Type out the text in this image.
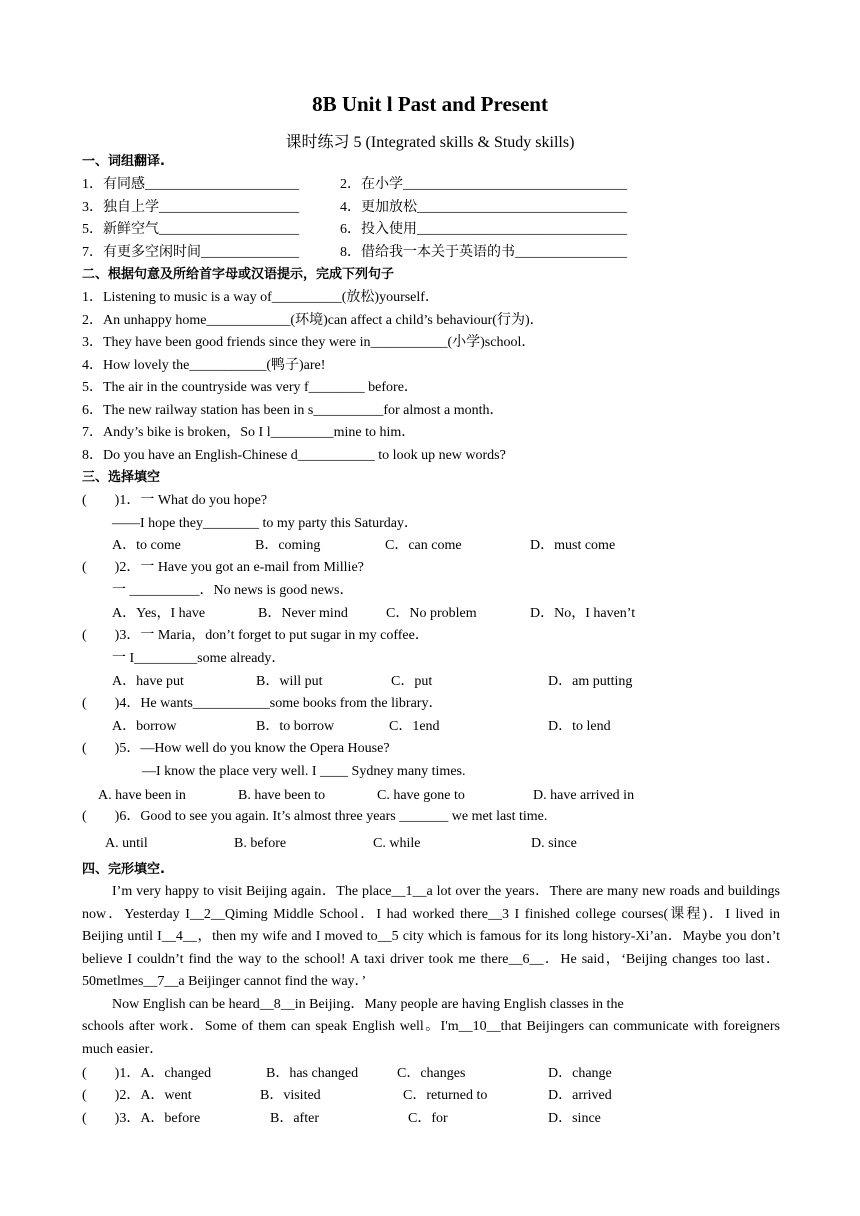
8B Unit l Past and Present
课时练习 5 (Integrated skills & Study skills)
一、词组翻译.
1．有同感______________________	2．在小学________________________________
3．独自上学____________________	4．更加放松______________________________
5．新鲜空气____________________	6．投入使用______________________________
7．有更多空闲时间______________	8．借给我一本关于英语的书________________
二、根据句意及所给首字母或汉语提示，完成下列句子
1．Listening to music is a way of__________(放松)yourself．
2．An unhappy home____________(环境)can affect a child’s behaviour(行为)．
3．They have been good friends since they were in___________(小学)school．
4．How lovely the___________(鸭子)are!
5．The air in the countryside was very f________ before．
6．The new railway station has been in s__________for almost a month．
7．Andy’s bike is broken，So I l_________mine to him．
8．Do you have an English-Chinese d___________ to look up new words?
三、选择填空
(　　)1．一 What do you hope?
——I hope they________ to my party this Saturday．
A．to come	B．coming	C．can come	D．must come
(　　)2．一 Have you got an e-mail from Millie?
一 __________．No news is good news．
A．Yes，I have	B．Never mind	C．No problem	D．No，I haven’t
(　　)3．一 Maria，don’t forget to put sugar in my coffee．
一 I_________some already．
A．have put	B．will put	C．put	D．am putting
(　　)4．He wants___________some books from the library．
A．borrow	B．to borrow	C．1end	D．to lend
(　　)5．—How well do you know the Opera House?
—I know the place very well. I ____ Sydney many times.
A. have been in	B. have been to	C. have gone to	D. have arrived in
(　　)6．Good to see you again. It’s almost three years _______ we met last time.
A. until	B. before	C. while	D. since
四、完形填空.

I’m very happy to visit Beijing again．The place__1__a lot over the years．There are many new roads and buildings now．Yesterday I__2__Qiming Middle School．I had worked there__3 I finished college courses(课程)．I lived in Beijing until I__4__，then my wife and I moved to__5 city which is famous for its long history-Xi’an．Maybe you don’t believe I couldn’t find the way to the school! A taxi driver took me there__6__．He said，‘Beijing changes too last．50metlmes__7__a Beijinger cannot find the way．’

Now English can be heard__8__in Beijing．Many people are having English classes in the

schools after work．Some of them can speak English well。I'm__10__that Beijingers can communicate with foreigners much easier．

(　　)1．A．changed	B．has changed	C．changes	D．change
(　　)2．A．went	B．visited	C．returned to	D．arrived
(　　)3．A．before	B．after	C．for	D．since
